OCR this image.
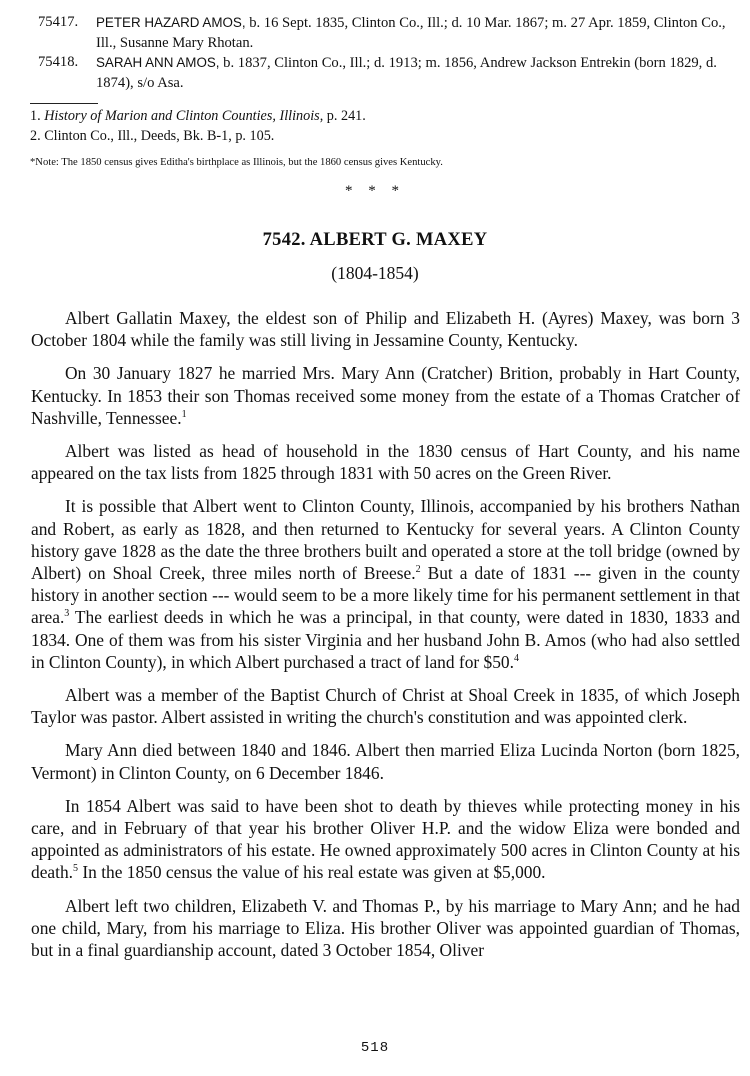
75417.	PETER HAZARD AMOS, b. 16 Sept. 1835, Clinton Co., Ill.; d. 10 Mar. 1867; m. 27 Apr. 1859, Clinton Co., Ill., Susanne Mary Rhotan.
75418.	SARAH ANN AMOS, b. 1837, Clinton Co., Ill.; d. 1913; m. 1856, Andrew Jackson Entrekin (born 1829, d. 1874), s/o Asa.
1. History of Marion and Clinton Counties, Illinois, p. 241.
2. Clinton Co., Ill., Deeds, Bk. B-1, p. 105.
*Note: The 1850 census gives Editha's birthplace as Illinois, but the 1860 census gives Kentucky.
* * *
7542. ALBERT G. MAXEY
(1804-1854)

Albert Gallatin Maxey, the eldest son of Philip and Elizabeth H. (Ayres) Maxey, was born 3 October 1804 while the family was still living in Jessamine County, Kentucky.

On 30 January 1827 he married Mrs. Mary Ann (Cratcher) Brition, probably in Hart County, Kentucky. In 1853 their son Thomas received some money from the estate of a Thomas Cratcher of Nashville, Tennessee.$^1$

Albert was listed as head of household in the 1830 census of Hart County, and his name appeared on the tax lists from 1825 through 1831 with 50 acres on the Green River.

It is possible that Albert went to Clinton County, Illinois, accompanied by his brothers Nathan and Robert, as early as 1828, and then returned to Kentucky for several years. A Clinton County history gave 1828 as the date the three brothers built and operated a store at the toll bridge (owned by Albert) on Shoal Creek, three miles north of Breese.$^2$ But a date of 1831 --- given in the county history in another section --- would seem to be a more likely time for his permanent settlement in that area.$^3$ The earliest deeds in which he was a principal, in that county, were dated in 1830, 1833 and 1834. One of them was from his sister Virginia and her husband John B. Amos (who had also settled in Clinton County), in which Albert purchased a tract of land for $50.$^4$

Albert was a member of the Baptist Church of Christ at Shoal Creek in 1835, of which Joseph Taylor was pastor. Albert assisted in writing the church's constitution and was appointed clerk.

Mary Ann died between 1840 and 1846. Albert then married Eliza Lucinda Norton (born 1825, Vermont) in Clinton County, on 6 December 1846.

In 1854 Albert was said to have been shot to death by thieves while protecting money in his care, and in February of that year his brother Oliver H.P. and the widow Eliza were bonded and appointed as administrators of his estate. He owned approximately 500 acres in Clinton County at his death.$^5$ In the 1850 census the value of his real estate was given at $5,000.

Albert left two children, Elizabeth V. and Thomas P., by his marriage to Mary Ann; and he had one child, Mary, from his marriage to Eliza. His brother Oliver was appointed guardian of Thomas, but in a final guardianship account, dated 3 October 1854, Oliver

518
